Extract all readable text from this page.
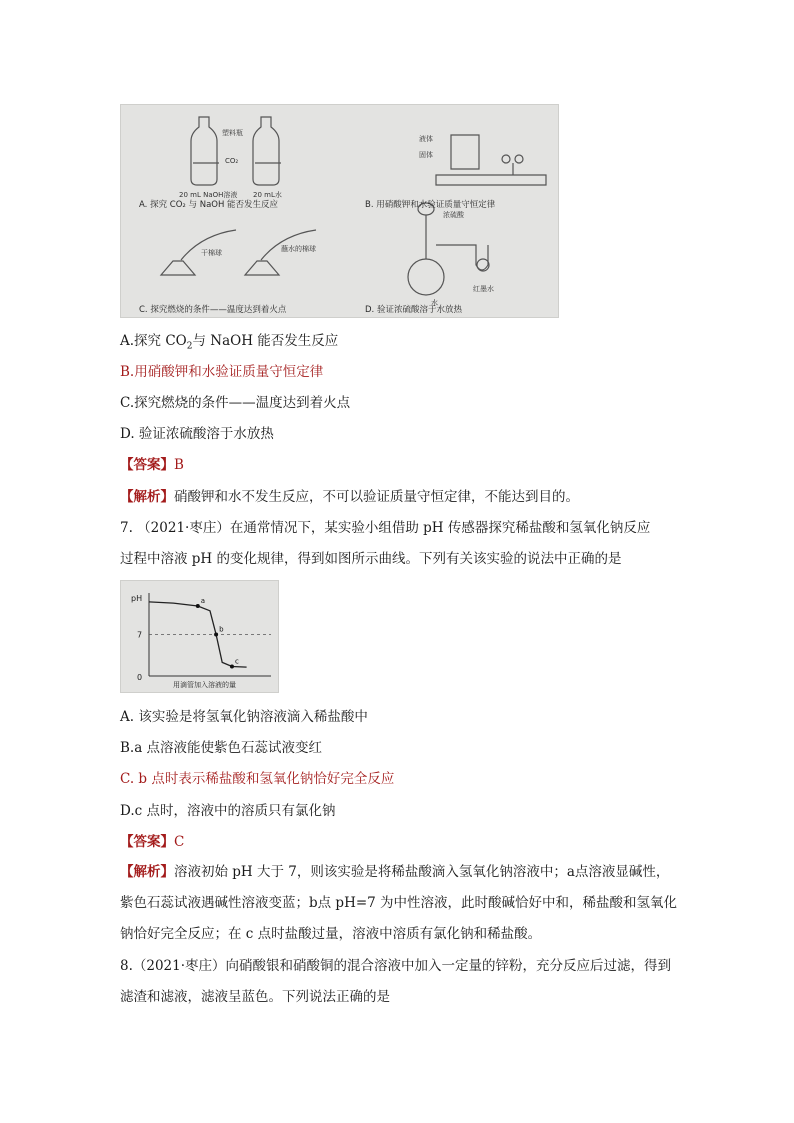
塑料瓶
CO₂
20 mL NaOH溶液 20 mL水
液体
固体
干棉球	蘸水的棉球
浓硫酸
水
红墨水
A. 探究 CO₂ 与 NaOH 能否发生反应	B. 用硝酸钾和水验证质量守恒定律
C. 探究燃烧的条件——温度达到着火点	D. 验证浓硫酸溶于水放热
A.探究 $CO_2$与 NaOH 能否发生反应
B.用硝酸钾和水验证质量守恒定律
C.探究燃烧的条件——温度达到着火点
D. 验证浓硫酸溶于水放热
【答案】B
【解析】硝酸钾和水不发生反应，不可以验证质量守恒定律，不能达到目的。
7. （2021·枣庄）在通常情况下，某实验小组借助 pH 传感器探究稀盐酸和氢氧化钠反应
过程中溶液 pH 的变化规律，得到如图所示曲线。下列有关该实验的说法中正确的是
a
b
c
pH
7
0
用滴管加入溶液的量
A. 该实验是将氢氧化钠溶液滴入稀盐酸中
B.a 点溶液能使紫色石蕊试液变红
C. b 点时表示稀盐酸和氢氧化钠恰好完全反应
D.c 点时，溶液中的溶质只有氯化钠
【答案】C
【解析】溶液初始 pH 大于 7，则该实验是将稀盐酸滴入氢氧化钠溶液中；a点溶液显碱性，紫色石蕊试液遇碱性溶液变蓝；b点 pH=7 为中性溶液，此时酸碱恰好中和，稀盐酸和氢氧化钠恰好完全反应；在 c 点时盐酸过量，溶液中溶质有氯化钠和稀盐酸。
8.（2021·枣庄）向硝酸银和硝酸铜的混合溶液中加入一定量的锌粉，充分反应后过滤，得到滤渣和滤液，滤液呈蓝色。下列说法正确的是
